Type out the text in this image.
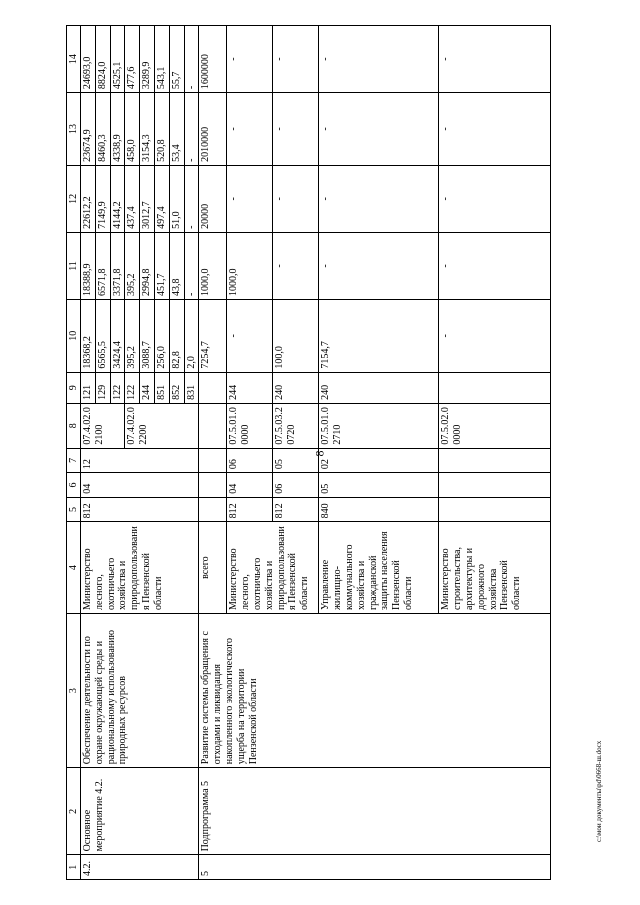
8
c:\мои документы\рd\0668-ш.docx
1	2	3	4	5	6	7	8	9	10	11	12	13	14
4.2.	Основное мероприятие 4.2.	Обеспечение деятельности по охране окружающей среды и рациональному использованию природных ресурсов	Министерство лесного, охотничьего хозяйства и природопользования Пензенской области	812	04	12	07.4.02.02100	121	18368,2	18388,9	22612,2	23674,9	24693,0
								129	6565,5	6571,8	7149,9	8460,3	8824,0
								122	3424,4	3371,8	4144,2	4338,9	4525,1
							07.4.02.02200	122	395,2	395,2	437,4	458,0	477,6
								244	3088,7	2994,8	3012,7	3154,3	3289,9
								851	256,0	451,7	497,4	520,8	543,1
								852	82,8	43,8	51,0	53,4	55,7
								831	2,0	-	-	-	-
5	Подпрограмма 5	Развитие системы обращения с отходами и ликвидация накопленного экологического ущерба на территории Пензенской области	всего						7254,7	1000,0	20000	2010000	1600000
			Министерство лесного, охотничьего хозяйства и природопользования Пензенской области	812	04	06	07.5.01.00000	244	-	1000,0	-	-	-
				812	06	05	07.5.03.20720	240	100,0	-	-	-	-
			Управление жилищно-коммунального хозяйства и гражданской защиты населения Пензенской области	840	05	02	07.5.01.02710	240	7154,7	-	-	-	-
			Министерство строительства, архитектуры и дорожного хозяйства Пензенской области				07.5.02.00000		-	-	-	-	-
